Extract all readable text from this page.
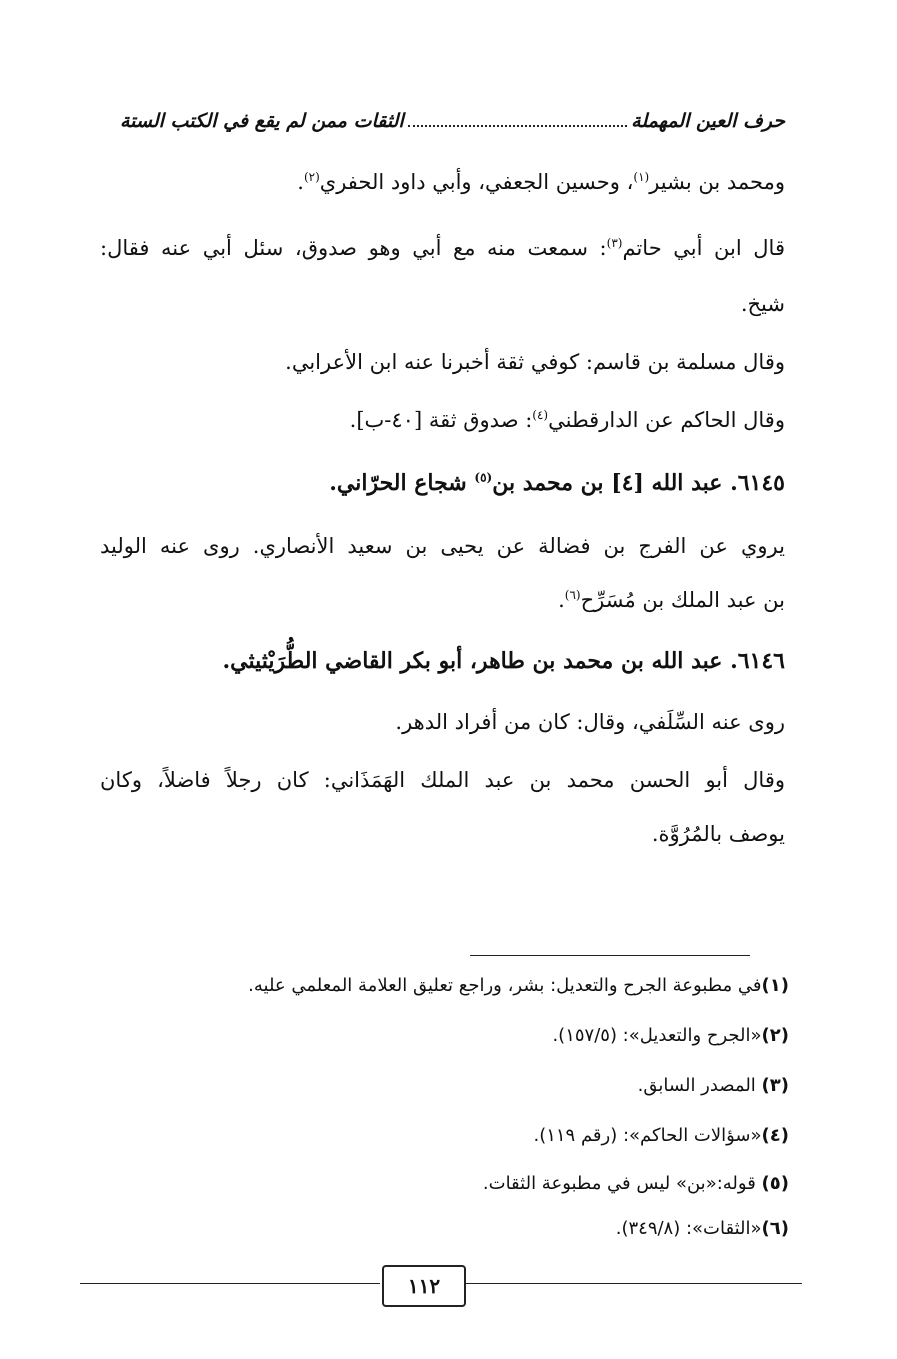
حرف العين المهملة
الثقات ممن لم يقع في الكتب الستة
ومحمد بن بشير$^{(١)}$، وحسين الجعفي، وأبي داود الحفري$^{(٢)}$.
قال ابن أبي حاتم$^{(٣)}$: سمعت منه مع أبي وهو صدوق، سئل أبي عنه فقال:
شيخ.
وقال مسلمة بن قاسم: كوفي ثقة أخبرنا عنه ابن الأعرابي.
وقال الحاكم عن الدارقطني$^{(٤)}$: صدوق ثقة [٤٠-ب].
٦١٤٥. عبد الله [٤] بن محمد بن$^{(٥)}$ شجاع الحرّاني.
يروي عن الفرج بن فضالة عن يحيى بن سعيد الأنصاري. روى عنه الوليد
بن عبد الملك بن مُسَرِّح$^{(٦)}$.
٦١٤٦. عبد الله بن محمد بن طاهر، أبو بكر القاضي الطُّرَيْثيثي.
روى عنه السِّلَفي، وقال: كان من أفراد الدهر.
وقال أبو الحسن محمد بن عبد الملك الهَمَذَاني: كان رجلاً فاضلاً، وكان
يوصف بالمُرُوَّة.
(١)في مطبوعة الجرح والتعديل: بشر، وراجع تعليق العلامة المعلمي عليه.
(٢)«الجرح والتعديل»: (١٥٧/٥).
(٣) المصدر السابق.
(٤)«سؤالات الحاكم»: (رقم ١١٩).
(٥) قوله:«بن» ليس في مطبوعة الثقات.
(٦)«الثقات»: (٣٤٩/٨).
١١٢
